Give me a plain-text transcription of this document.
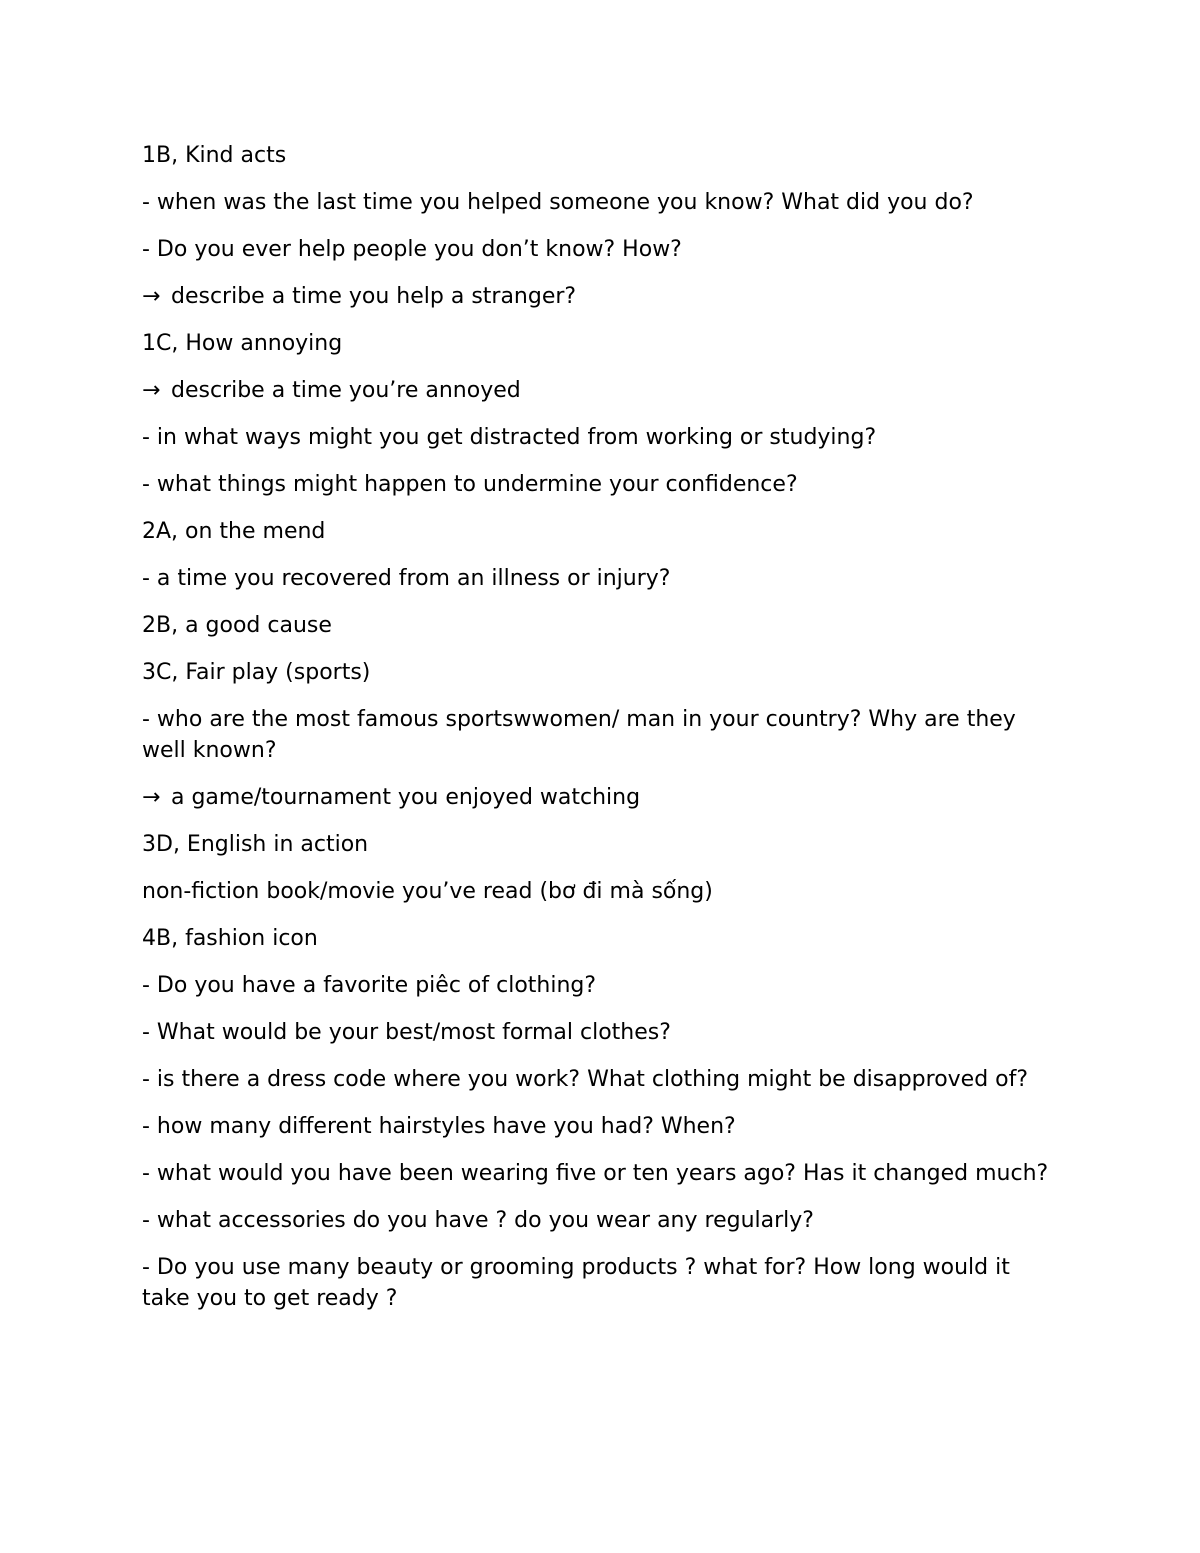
1B, Kind acts

- when was the last time you helped someone you know? What did you do?

- Do you ever help people you don’t know? How?

→ describe a time you help a stranger?

1C, How annoying

→ describe a time you’re annoyed

- in what ways might you get distracted from working or studying?

- what things might happen to undermine your confidence?

2A, on the mend

- a time you recovered from an illness or injury?

2B, a good cause

3C, Fair play (sports)

- who are the most famous sportswwomen/ man in your country? Why are they well known?

→ a game/tournament you enjoyed watching

3D, English in action

non-fiction book/movie you’ve read (bơ đi mà sống)

4B, fashion icon

- Do you have a favorite piêc of clothing?

- What would be your best/most formal clothes?

- is there a dress code where you work? What clothing might be disapproved of?

- how many different hairstyles have you had? When?

- what would you have been wearing five or ten years ago? Has it changed much?

- what accessories do you have ? do you wear any regularly?

- Do you use many beauty or grooming products ? what for? How long would it take you to get ready ?
